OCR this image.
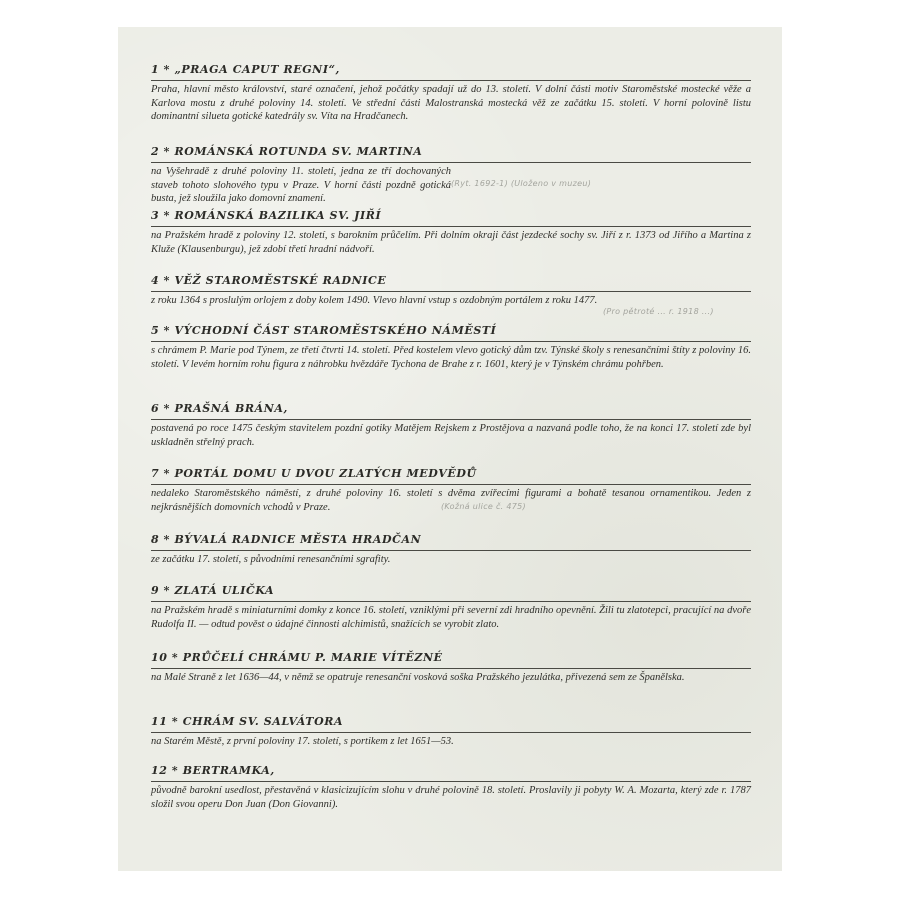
1 * „PRAGA CAPUT REGNI“,
Praha, hlavní město království, staré označení, jehož počátky spadají už do 13. století. V dolní části motiv Staroměstské mostecké věže a Karlova mostu z druhé poloviny 14. století. Ve střední části Malostranská mostecká věž ze začátku 15. století. V horní polovině listu dominantní silueta gotické katedrály sv. Víta na Hradčanech.
2 * ROMÁNSKÁ ROTUNDA SV. MARTINA
na Vyšehradě z druhé poloviny 11. století, jedna ze tří dochovaných staveb tohoto slohového typu v Praze. V horní části pozdně gotická busta, jež sloužila jako domovní znamení.
(Ryt. 1692-1) (Uloženo v muzeu)
3 * ROMÁNSKÁ BAZILIKA SV. JIŘÍ
na Pražském hradě z poloviny 12. století, s barokním průčelím. Při dolním okraji část jezdecké sochy sv. Jiří z r. 1373 od Jiřího a Martina z Kluže (Klausenburgu), jež zdobí třetí hradní nádvoří.
4 * VĚŽ STAROMĚSTSKÉ RADNICE
z roku 1364 s proslulým orlojem z doby kolem 1490. Vlevo hlavní vstup s ozdobným portálem z roku 1477.
(Pro pětroté ... r. 1918 ...)
5 * VÝCHODNÍ ČÁST STAROMĚSTSKÉHO NÁMĚSTÍ
s chrámem P. Marie pod Týnem, ze třetí čtvrti 14. století. Před kostelem vlevo gotický dům tzv. Týnské školy s renesančními štíty z poloviny 16. století. V levém horním rohu figura z náhrobku hvězdáře Tychona de Brahe z r. 1601, který je v Týnském chrámu pohřben.
6 * PRAŠNÁ BRÁNA,
postavená po roce 1475 českým stavitelem pozdní gotiky Matějem Rejskem z Prostějova a nazvaná podle toho, že na konci 17. století zde byl uskladněn střelný prach.
7 * PORTÁL DOMU U DVOU ZLATÝCH MEDVĚDŮ
nedaleko Staroměstského náměstí, z druhé poloviny 16. století s dvěma zvířecími figurami a bohatě tesanou ornamentikou. Jeden z nejkrásnějších domovních vchodů v Praze.	(Kožná ulice č. 475)
8 * BÝVALÁ RADNICE MĚSTA HRADČAN
ze začátku 17. století, s původními renesančními sgrafity.
9 * ZLATÁ ULIČKA
na Pražském hradě s miniaturními domky z konce 16. století, vzniklými při severní zdi hradního opevnění. Žili tu zlatotepci, pracující na dvoře Rudolfa II. — odtud pověst o údajné činnosti alchimistů, snažících se vyrobit zlato.
10 * PRŮČELÍ CHRÁMU P. MARIE VÍTĚZNÉ
na Malé Straně z let 1636—44, v němž se opatruje renesanční vosková soška Pražského jezulátka, přivezená sem ze Španělska.
11 * CHRÁM SV. SALVÁTORA
na Starém Městě, z první poloviny 17. století, s portikem z let 1651—53.
12 * BERTRAMKA,
původně barokní usedlost, přestavěná v klasicizujícím slohu v druhé polovině 18. století. Proslavily ji pobyty W. A. Mozarta, který zde r. 1787 složil svou operu Don Juan (Don Giovanni).
